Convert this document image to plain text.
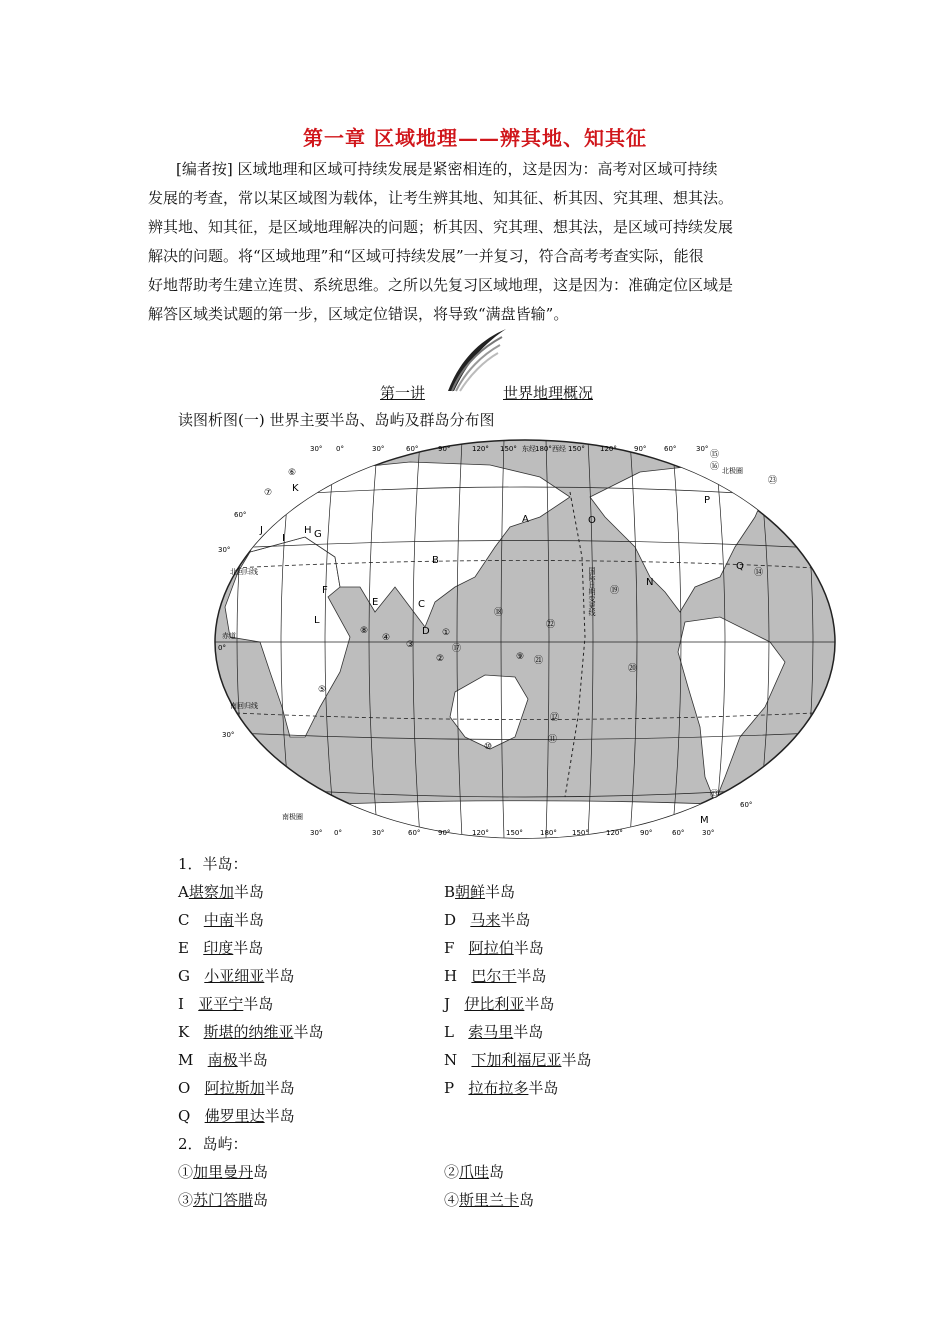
第一章 区域地理——辨其地、知其征
[编者按] 区域地理和区域可持续发展是紧密相连的，这是因为：高考对区域可持续
发展的考查，常以某区域图为载体，让考生辨其地、知其征、析其因、究其理、想其法。
辨其地、知其征，是区域地理解决的问题；析其因、究其理、想其法，是区域可持续发展
解决的问题。将“区域地理”和“区域可持续发展”一并复习，符合高考考查实际，能很
好地帮助考生建立连贯、系统思维。之所以先复习区域地理，这是因为：准确定位区域是
解答区域类试题的第一步，区域定位错误，将导致“满盘皆输”。
第一讲	世界地理概况
读图析图(一) 世界主要半岛、岛屿及群岛分布图
北回归线
赤道
南回归线
北极圈
南极圈
国际日期变更线
60°
30°
0°
30°
60°
30° 0°	30°	60°	90°	120° 150° 180° 150° 120° 90°	60°	30°
30° 0°	30°	60°	90°	120° 150° 东经 180° 西经 150° 120° 90°	60°	30°
A
B
C
D
E
F
G
H
I
J
K
L
M
N
O
P
Q
①
②
③
④
⑤
⑥
⑦
⑧
⑨
⑩
⑪
⑫
⑬
⑭
⑮
⑯
⑰
⑱
⑲
⑳
㉑
㉒
㉓
1．半岛：
A堪察加半岛	B朝鲜半岛
C 中南半岛	D 马来半岛
E 印度半岛	F 阿拉伯半岛
G 小亚细亚半岛	H 巴尔干半岛
I 亚平宁半岛	J 伊比利亚半岛
K 斯堪的纳维亚半岛	L 索马里半岛
M 南极半岛	N 下加利福尼亚半岛
O 阿拉斯加半岛	P 拉布拉多半岛
Q 佛罗里达半岛
2．岛屿：
①加里曼丹岛	②爪哇岛
③苏门答腊岛	④斯里兰卡岛
